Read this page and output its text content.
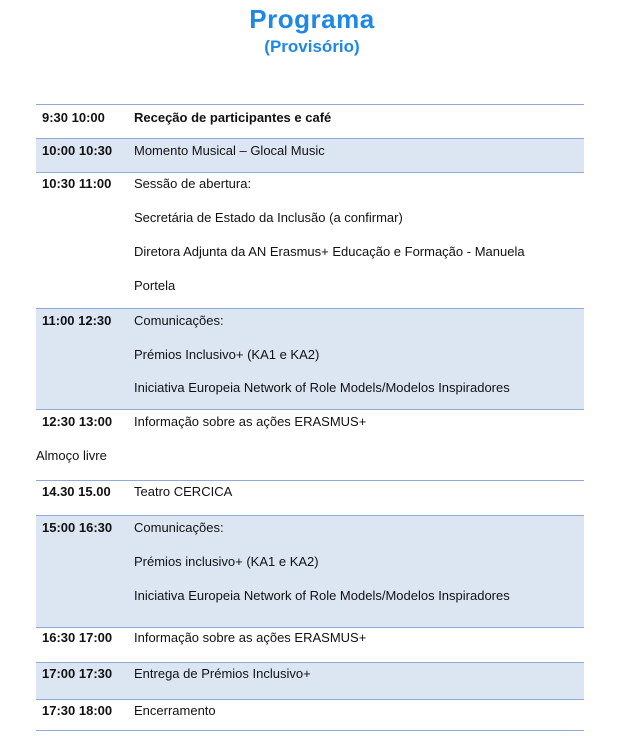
Programa
(Provisório)
9:30 10:00 Receção de participantes e café
10:00 10:30 Momento Musical – Glocal Music
10:30 11:00 Sessão de abertura:
Secretária de Estado da Inclusão (a confirmar)
Diretora Adjunta da AN Erasmus+ Educação e Formação - Manuela
Portela
11:00 12:30 Comunicações:
Prémios Inclusivo+ (KA1 e KA2)
Iniciativa Europeia Network of Role Models/Modelos Inspiradores
12:30 13:00 Informação sobre as ações ERASMUS+
Almoço livre
14.30 15.00 Teatro CERCICA
15:00 16:30 Comunicações:
Prémios inclusivo+ (KA1 e KA2)
Iniciativa Europeia Network of Role Models/Modelos Inspiradores
16:30 17:00 Informação sobre as ações ERASMUS+
17:00 17:30 Entrega de Prémios Inclusivo+
17:30 18:00 Encerramento
